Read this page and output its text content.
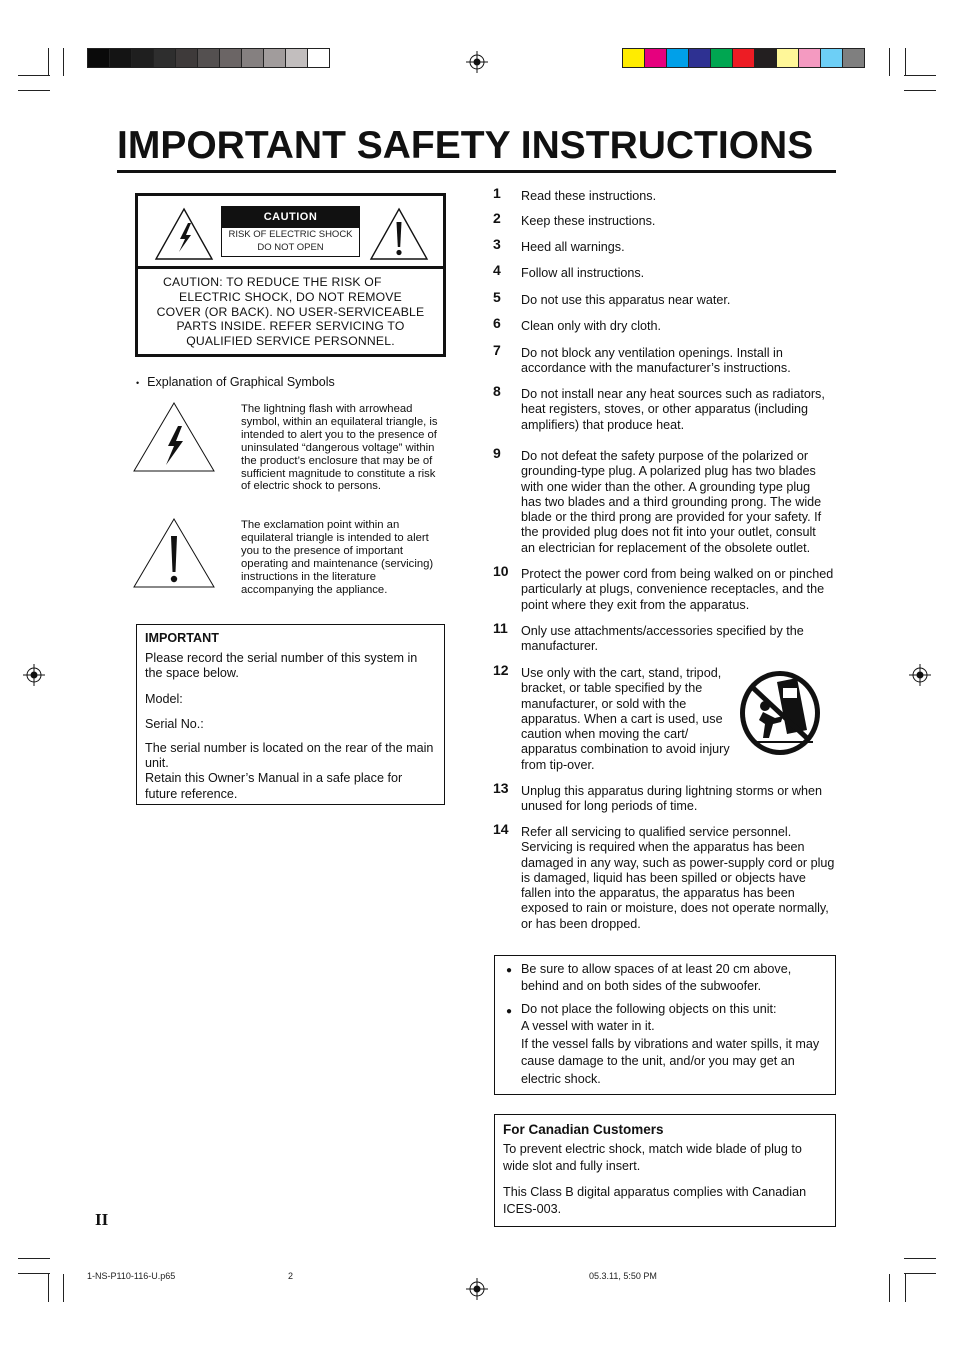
IMPORTANT SAFETY INSTRUCTIONS
CAUTION
RISK OF ELECTRIC SHOCK
DO NOT OPEN
CAUTION: TO REDUCE THE RISK OF
ELECTRIC SHOCK, DO NOT REMOVE
COVER (OR BACK). NO USER-SERVICEABLE
PARTS INSIDE. REFER SERVICING TO
QUALIFIED SERVICE PERSONNEL.
• Explanation of Graphical Symbols
The lightning flash with arrowhead symbol, within an equilateral triangle, is intended to alert you to the presence of uninsulated “dangerous voltage” within the product’s enclosure that may be of sufficient magnitude to constitute a risk of electric shock to persons.
The exclamation point within an equilateral triangle is intended to alert you to the presence of important operating and maintenance (servicing) instructions in the literature accompanying the appliance.

IMPORTANT

Please record the serial number of this system in the space below.

Model:

Serial No.:

The serial number is located on the rear of the main unit.

Retain this Owner’s Manual in a safe place for future reference.

1 Read these instructions.
2 Keep these instructions.
3 Heed all warnings.
4 Follow all instructions.
5 Do not use this apparatus near water.
6 Clean only with dry cloth.
7 Do not block any ventilation openings. Install in accordance with the manufacturer’s instructions.
8 Do not install near any heat sources such as radiators, heat registers, stoves, or other apparatus (including amplifiers) that produce heat.
9 Do not defeat the safety purpose of the polarized or grounding-type plug. A polarized plug has two blades with one wider than the other. A grounding type plug has two blades and a third grounding prong. The wide blade or the third prong are provided for your safety. If the provided plug does not fit into your outlet, consult an electrician for replacement of the obsolete outlet.
10 Protect the power cord from being walked on or pinched particularly at plugs, convenience receptacles, and the point where they exit from the apparatus.
11 Only use attachments/accessories specified by the manufacturer.
12 Use only with the cart, stand, tripod, bracket, or table specified by the manufacturer, or sold with the apparatus. When a cart is used, use caution when moving the cart/ apparatus combination to avoid injury from tip-over.
13 Unplug this apparatus during lightning storms or when unused for long periods of time.
14 Refer all servicing to qualified service personnel. Servicing is required when the apparatus has been damaged in any way, such as power-supply cord or plug is damaged, liquid has been spilled or objects have fallen into the apparatus, the apparatus has been exposed to rain or moisture, does not operate normally, or has been dropped.
● Be sure to allow spaces of at least 20 cm above, behind and on both sides of the subwoofer.
● Do not place the following objects on this unit:
A vessel with water in it.
If the vessel falls by vibrations and water spills, it may cause damage to the unit, and/or you may get an electric shock.
For Canadian Customers
To prevent electric shock, match wide blade of plug to wide slot and fully insert.
This Class B digital apparatus complies with Canadian ICES-003.
II
1-NS-P110-116-U.p65	2	05.3.11, 5:50 PM
